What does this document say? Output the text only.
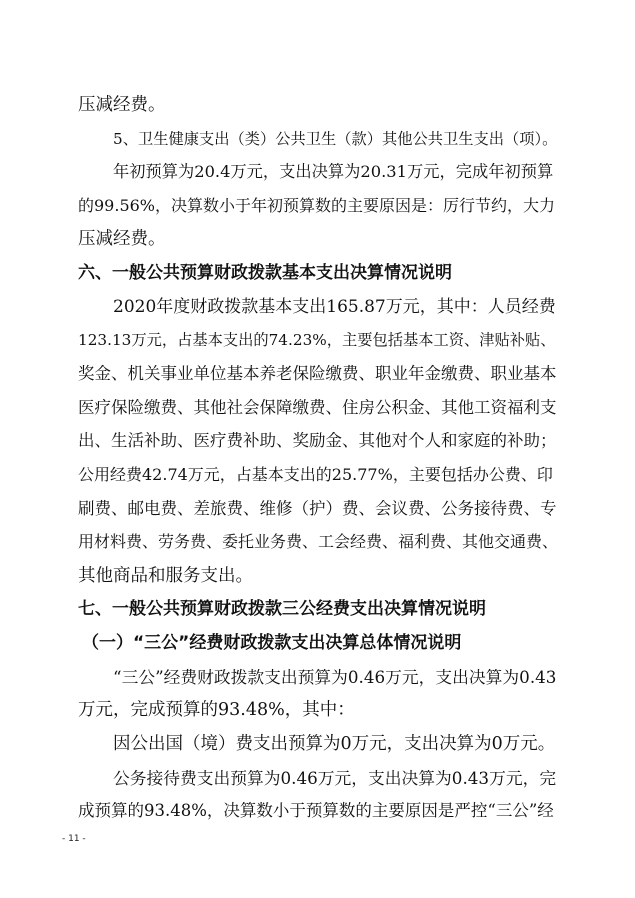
压减经费。
5、卫生健康支出（类）公共卫生（款）其他公共卫生支出（项）。
年初预算为20.4万元，支出决算为20.31万元，完成年初预算
的99.56%，决算数小于年初预算数的主要原因是：厉行节约，大力
压减经费。
六、一般公共预算财政拨款基本支出决算情况说明
2020年度财政拨款基本支出165.87万元，其中：人员经费
123.13万元，占基本支出的74.23%，主要包括基本工资、津贴补贴、
奖金、机关事业单位基本养老保险缴费、职业年金缴费、职业基本
医疗保险缴费、其他社会保障缴费、住房公积金、其他工资福利支
出、生活补助、医疗费补助、奖励金、其他对个人和家庭的补助；
公用经费42.74万元，占基本支出的25.77%，主要包括办公费、印
刷费、邮电费、差旅费、维修（护）费、会议费、公务接待费、专
用材料费、劳务费、委托业务费、工会经费、福利费、其他交通费、
其他商品和服务支出。
七、一般公共预算财政拨款三公经费支出决算情况说明
（一）“三公”经费财政拨款支出决算总体情况说明
“三公”经费财政拨款支出预算为0.46万元，支出决算为0.43
万元，完成预算的93.48%，其中：
因公出国（境）费支出预算为0万元，支出决算为0万元。
公务接待费支出预算为0.46万元，支出决算为0.43万元，完
成预算的93.48%，决算数小于预算数的主要原因是严控“三公”经
- 11 -
